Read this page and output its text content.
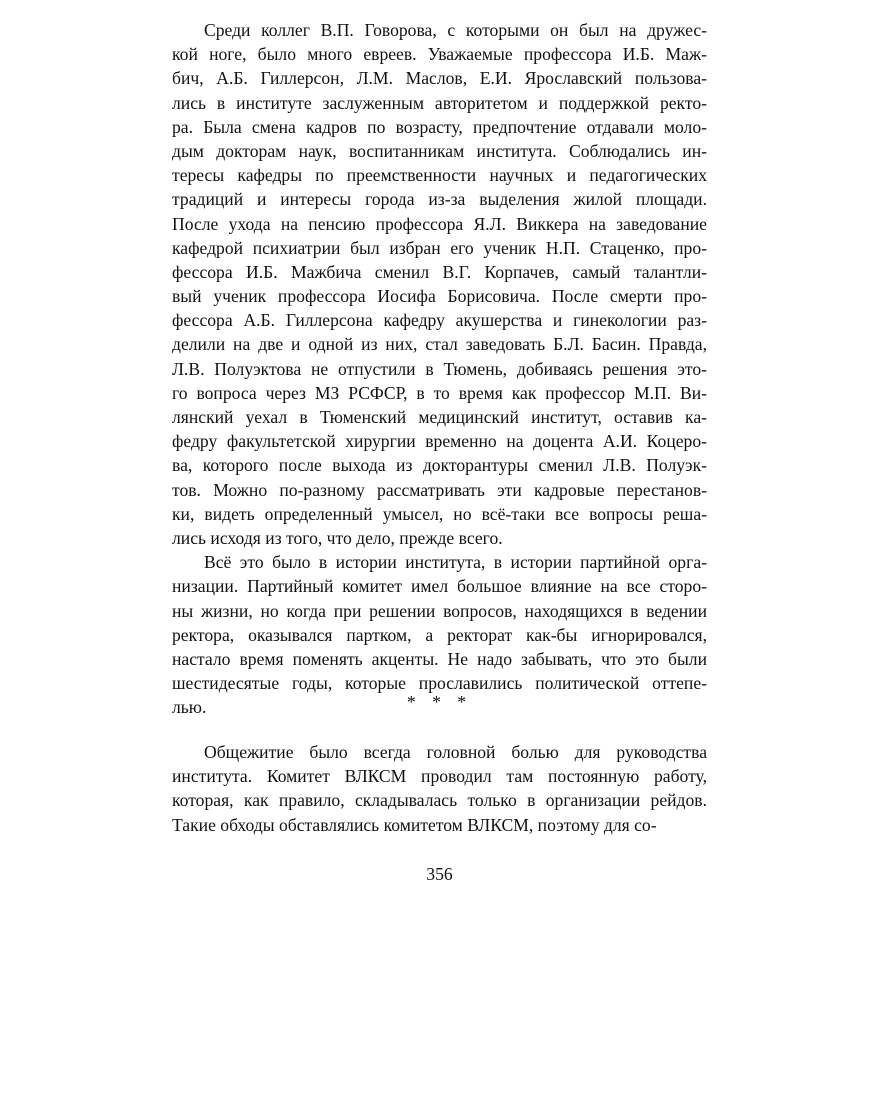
Среди коллег В.П. Говорова, с которыми он был на дружес-
кой ноге, было много евреев. Уважаемые профессора И.Б. Маж-
бич, А.Б. Гиллерсон, Л.М. Маслов, Е.И. Ярославский пользова-
лись в институте заслуженным авторитетом и поддержкой ректо-
ра. Была смена кадров по возрасту, предпочтение отдавали моло-
дым докторам наук, воспитанникам института. Соблюдались ин-
тересы кафедры по преемственности научных и педагогических
традиций и интересы города из-за выделения жилой площади.
После ухода на пенсию профессора Я.Л. Виккера на заведование
кафедрой психиатрии был избран его ученик Н.П. Стаценко, про-
фессора И.Б. Мажбича сменил В.Г. Корпачев, самый талантли-
вый ученик профессора Иосифа Борисовича. После смерти про-
фессора А.Б. Гиллерсона кафедру акушерства и гинекологии раз-
делили на две и одной из них, стал заведовать Б.Л. Басин. Правда,
Л.В. Полуэктова не отпустили в Тюмень, добиваясь решения это-
го вопроса через МЗ РСФСР, в то время как профессор М.П. Ви-
лянский уехал в Тюменский медицинский институт, оставив ка-
федру факультетской хирургии временно на доцента А.И. Коцеро-
ва, которого после выхода из докторантуры сменил Л.В. Полуэк-
тов. Можно по-разному рассматривать эти кадровые перестанов-
ки, видеть определенный умысел, но всё-таки все вопросы реша-
лись исходя из того, что дело, прежде всего.
Всё это было в истории института, в истории партийной орга-
низации. Партийный комитет имел большое влияние на все сторо-
ны жизни, но когда при решении вопросов, находящихся в ведении
ректора, оказывался партком, а ректорат как-бы игнорировался,
настало время поменять акценты. Не надо забывать, что это были
шестидесятые годы, которые прославились политической оттепе-
лью.	* * *
Общежитие было всегда головной болью для руководства
института. Комитет ВЛКСМ проводил там постоянную работу,
которая, как правило, складывалась только в организации рейдов.
Такие обходы обставлялись комитетом ВЛКСМ, поэтому для со-
356
